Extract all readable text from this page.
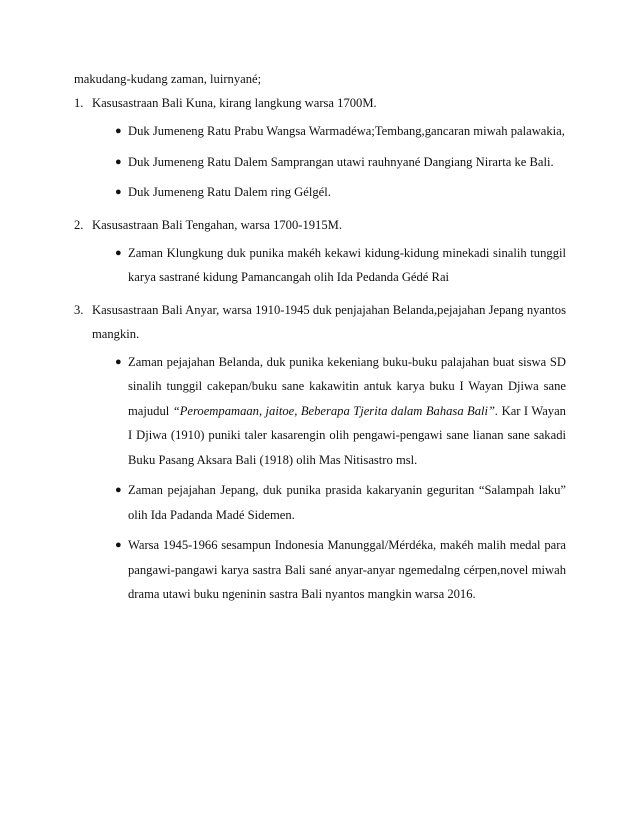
makudang-kudang zaman, luirnyané;
1. Kasusastraan Bali Kuna, kirang langkung warsa 1700M.
● Duk Jumeneng Ratu Prabu Wangsa Warmadéwa;Tembang,gancaran miwah palawakia,
● Duk Jumeneng Ratu Dalem Samprangan utawi rauhnyané Dangiang Nirarta ke Bali.
● Duk Jumeneng Ratu Dalem ring Gélgél.
2. Kasusastraan Bali Tengahan, warsa 1700-1915M.
● Zaman Klungkung duk punika makéh kekawi kidung-kidung minekadi sinalih tunggil karya sastrané kidung Pamancangah olih Ida Pedanda Gédé Rai
3. Kasusastraan Bali Anyar, warsa 1910-1945 duk penjajahan Belanda,pejajahan Jepang nyantos mangkin.
● Zaman pejajahan Belanda, duk punika kekeniang buku-buku palajahan buat siswa SD sinalih tunggil cakepan/buku sane kakawitin antuk karya buku I Wayan Djiwa sane majudul “Peroempamaan, jaitoe, Beberapa Tjerita dalam Bahasa Bali”. Kar I Wayan I Djiwa (1910) puniki taler kasarengin olih pengawi-pengawi sane lianan sane sakadi Buku Pasang Aksara Bali (1918) olih Mas Nitisastro msl.
● Zaman pejajahan Jepang, duk punika prasida kakaryanin geguritan “Salampah laku” olih Ida Padanda Madé Sidemen.
● Warsa 1945-1966 sesampun Indonesia Manunggal/Mérdéka, makéh malih medal para pangawi-pangawi karya sastra Bali sané anyar-anyar ngemedalng cérpen,novel miwah drama utawi buku ngeninin sastra Bali nyantos mangkin warsa 2016.
